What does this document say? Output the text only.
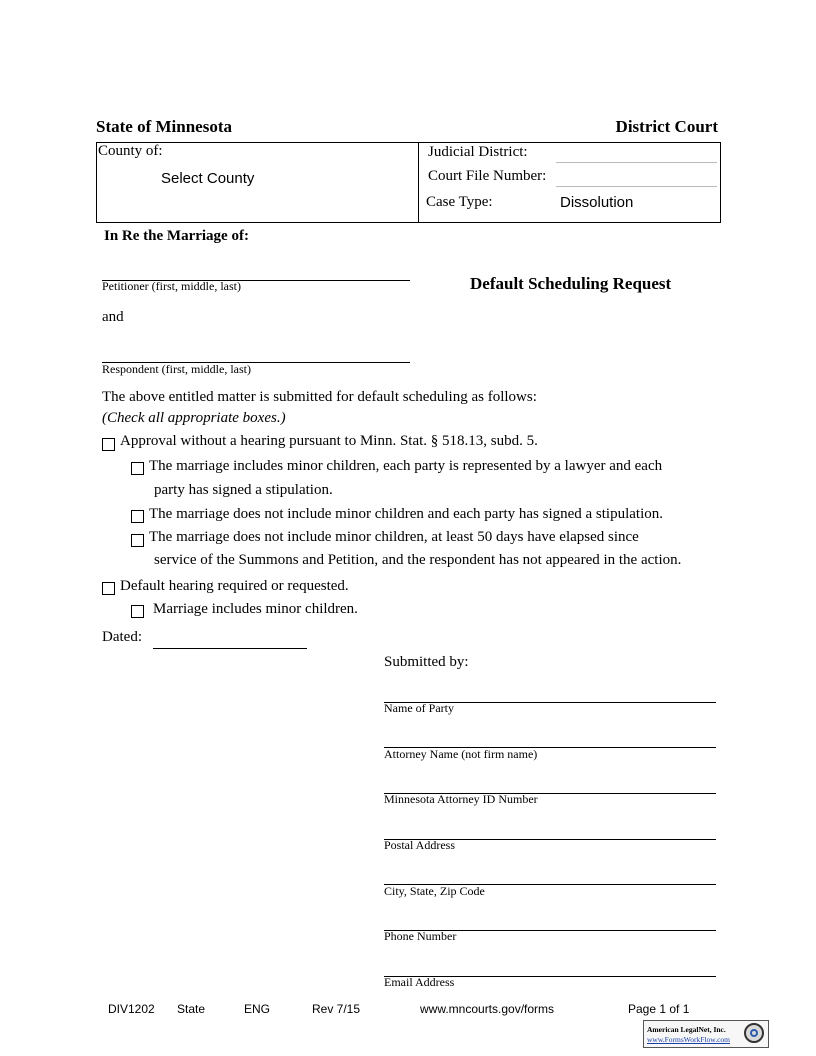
State of Minnesota	District Court
County of:
Select County
Judicial District:
Court File Number:
Case Type:	Dissolution
In Re the Marriage of:
Petitioner (first, middle, last)
and
Respondent (first, middle, last)
Default Scheduling Request
The above entitled matter is submitted for default scheduling as follows:
(Check all appropriate boxes.)
Approval without a hearing pursuant to Minn. Stat. § 518.13, subd. 5.
The marriage includes minor children, each party is represented by a lawyer and each
party has signed a stipulation.
The marriage does not include minor children and each party has signed a stipulation.
The marriage does not include minor children, at least 50 days have elapsed since
service of the Summons and Petition, and the respondent has not appeared in the action.
Default hearing required or requested.
Marriage includes minor children.
Dated:
Submitted by:
Name of Party
Attorney Name (not firm name)
Minnesota Attorney ID Number
Postal Address
City, State, Zip Code
Phone Number
Email Address
DIV1202 State	ENG	Rev 7/15	www.mncourts.gov/forms	Page 1 of 1
American LegalNet, Inc.
www.FormsWorkFlow.com
